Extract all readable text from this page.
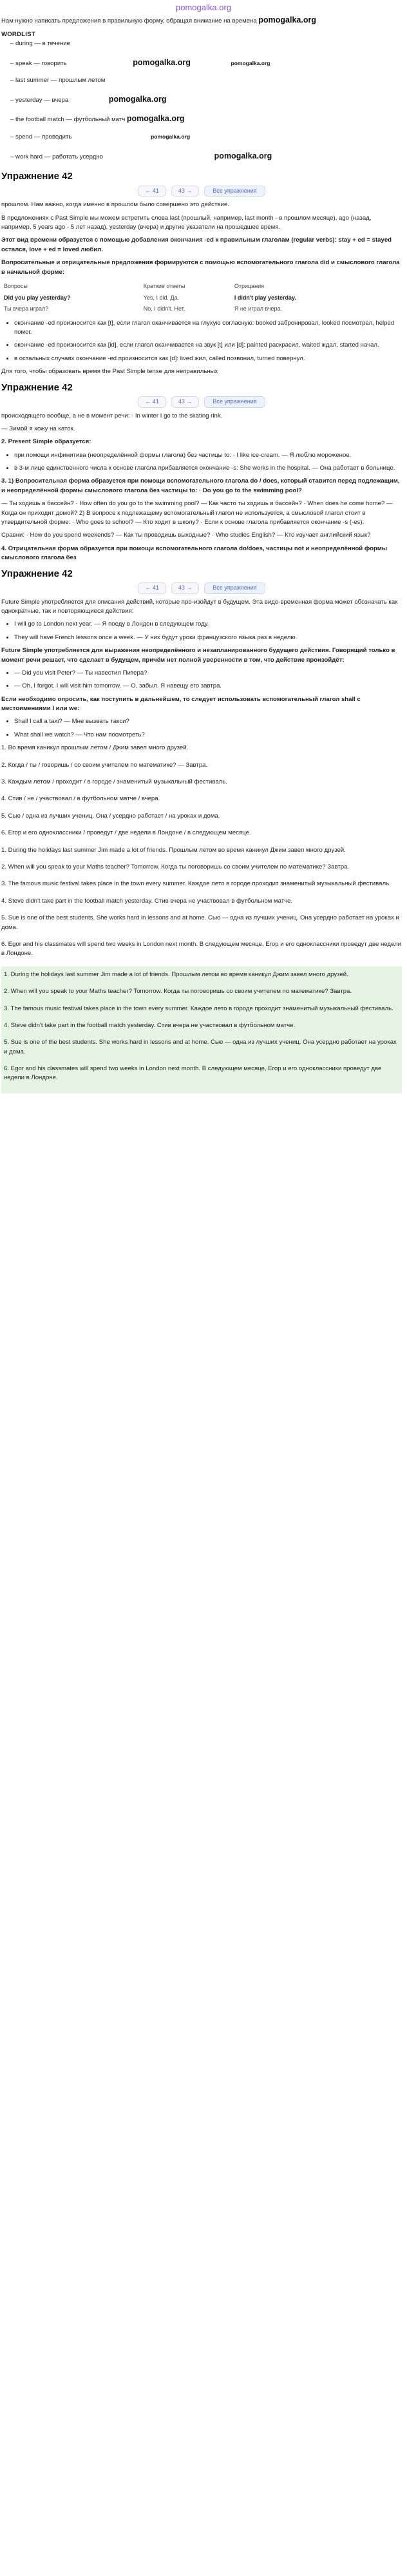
pomogalka.org

Нам нужно написать предложения в правильную форму, обращая внимание на времена pomogalka.org

WORDLIST
– during — в течение
– speak — говорить	pomogalka.org	pomogalka.org
– last summer — прошлым летом
– yesterday — вчера	pomogalka.org
– the football match — футбольный матч pomogalka.org
– spend — проводить	pomogalka.org
– work hard — работать усердно	pomogalka.org
Упражнение 42
← 41	43 →	Все упражнения

прошлом. Нам важно, когда именно в прошлом было совершено это действие.

В предложениях с Past Simple мы можем встретить слова last (прошлый, например, last month - в прошлом месяце), ago (назад, например, 5 years ago - 5 лет назад), yesterday (вчера) и другие указатели на прошедшее время.

Этот вид времени образуется с помощью добавления окончания -ed к правильным глаголам (regular verbs): stay + ed = stayed остался, love + ed = loved любил.

Вопросительные и отрицательные предложения формируются с помощью вспомогательного глагола did и смыслового глагола в начальной форме:

Вопросы	Краткие ответы	Отрицания
Did you play yesterday?	Yes, I did. Да.	I didn't play yesterday.
Ты вчера играл?	No, I didn't. Нет.	Я не играл вчера.
• окончание -ed произносится как [t], если глагол оканчивается на глухую согласную: booked забронировал, looked посмотрел, helped помог.
• окончание -ed произносится как [id], если глагол оканчивается на звук [t] или [d]: painted раскрасил, waited ждал, started начал.
• в остальных случаях окончание -ed произносится как [d]: lived жил, called позвонил, turned повернул.

Для того, чтобы образовать время the Past Simple tense для неправильных

Упражнение 42
← 41	43 →	Все упражнения

происходящего вообще, а не в момент речи: · In winter I go to the skating rink.

— Зимой я хожу на каток.

2. Present Simple образуется:

• при помощи инфинитива (неопределённой формы глагола) без частицы to: · I like ice-cream. — Я люблю мороженое.
• в 3-м лице единственного числа к основе глагола прибавляется окончание -s: She works in the hospital. — Она работает в больнице.

3. 1) Вопросительная форма образуется при помощи вспомогательного глагола do / does, который ставится перед подлежащим, и неопределённой формы смыслового глагола без частицы to: · Do you go to the swimming pool?

— Ты ходишь в бассейн? · How often do you go to the swimming pool? — Как часто ты ходишь в бассейн? · When does he come home? — Когда он приходит домой? 2) В вопросе к подлежащему вспомогательный глагол не используется, а смысловой глагол стоит в утвердительной форме: · Who goes to school? — Кто ходит в школу? · Если к основе глагола прибавляется окончание -s (-es):

Сравни: · How do you spend weekends? — Как ты проводишь выходные? · Who studies English? — Кто изучает английский язык?

4. Отрицательная форма образуется при помощи вспомогательного глагола do/does, частицы not и неопределённой формы смыслового глагола без

Упражнение 42
← 41	43 →	Все упражнения

Future Simple употребляется для описания действий, которые про-изойдут в будущем. Эта видо-временная форма может обозначать как однократные, так и повторяющиеся действия:

• I will go to London next year. — Я поеду в Лондон в следующем году.
• They will have French lessons once a week. — У них будут уроки французского языка раз в неделю.

Future Simple употребляется для выражения неопределённого и незапланированного будущего действия. Говорящий только в момент речи решает, что сделает в будущем, причём нет полной уверенности в том, что действие произойдёт:

• — Did you visit Peter? — Ты навестил Питера?
• — Oh, I forgot. I will visit him tomorrow. — О, забыл. Я навещу его завтра.

Если необходимо опросить, как поступить в дальнейшем, то следует использовать вспомогательный глагол shall с местоимениями I или we:

• Shall I call a taxi? — Мне вызвать такси?
• What shall we watch? — Что нам посмотреть?

1. Во время каникул прошлым летом / Джим завел много друзей.

2. Когда / ты / говоришь / со своим учителем по математике? — Завтра.

3. Каждым летом / проходит / в городе / знаменитый музыкальный фестиваль.

4. Стив / не / участвовал / в футбольном матче / вчера.

5. Сью / одна из лучших учениц. Она / усердно работает / на уроках и дома.

6. Егор и его одноклассники / проведут / две недели в Лондоне / в следующем месяце.

1. During the holidays last summer Jim made a lot of friends. Прошлым летом во время каникул Джим завел много друзей.

2. When will you speak to your Maths teacher? Tomorrow. Когда ты поговоришь со своим учителем по математике? Завтра.

3. The famous music festival takes place in the town every summer. Каждое лето в городе проходит знаменитый музыкальный фестиваль.

4. Steve didn't take part in the football match yesterday. Стив вчера не участвовал в футбольном матче.

5. Sue is one of the best students. She works hard in lessons and at home. Сью — одна из лучших учениц. Она усердно работает на уроках и дома.

6. Egor and his classmates will spend two weeks in London next month. В следующем месяце, Егор и его одноклассники проведут две недели в Лондоне.

1. During the holidays last summer Jim made a lot of friends. Прошлым летом во время каникул Джим завел много друзей.

2. When will you speak to your Maths teacher? Tomorrow. Когда ты поговоришь со своим учителем по математике? Завтра.

3. The famous music festival takes place in the town every summer. Каждое лето в городе проходит знаменитый музыкальный фестиваль.

4. Steve didn't take part in the football match yesterday. Стив вчера не участвовал в футбольном матче.

5. Sue is one of the best students. She works hard in lessons and at home. Сью — одна из лучших учениц. Она усердно работает на уроках и дома.

6. Egor and his classmates will spend two weeks in London next month. В следующем месяце, Егор и его одноклассники проведут две недели в Лондоне.
